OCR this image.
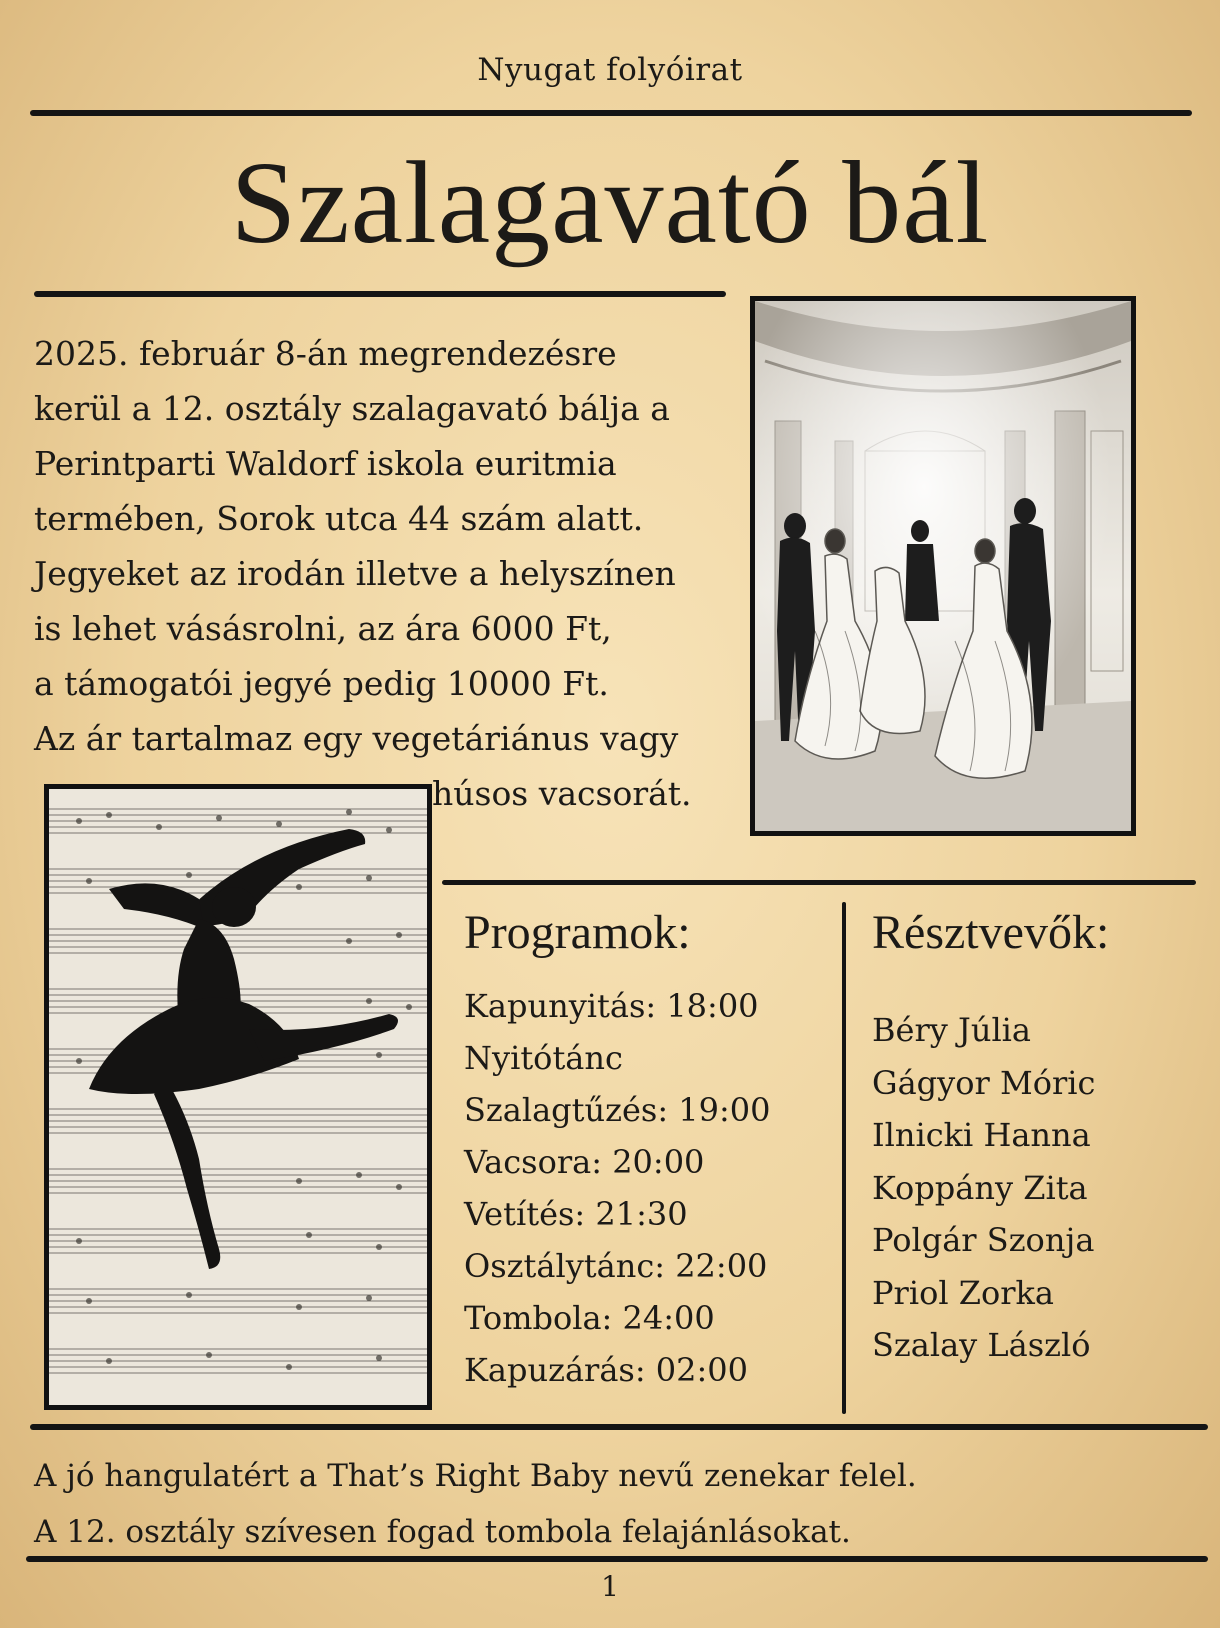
Nyugat folyóirat
Szalagavató bál
2025. február 8-án megrendezésre
kerül a 12. osztály szalagavató bálja a
Perintparti Waldorf iskola euritmia
termében, Sorok utca 44 szám alatt.
Jegyeket az irodán illetve a helyszínen
is lehet vásásrolni, az ára 6000 Ft,
a támogatói jegyé pedig 10000 Ft.
Az ár tartalmaz egy vegetáriánus vagy
húsos vacsorát.
Programok:
Kapunyitás: 18:00
Nyitótánc
Szalagtűzés: 19:00
Vacsora: 20:00
Vetítés: 21:30
Osztálytánc: 22:00
Tombola: 24:00
Kapuzárás: 02:00
Résztvevők:
Béry Júlia
Gágyor Móric
Ilnicki Hanna
Koppány Zita
Polgár Szonja
Priol Zorka
Szalay László
A jó hangulatért a That’s Right Baby nevű zenekar felel.
A 12. osztály szívesen fogad tombola felajánlásokat.
1
